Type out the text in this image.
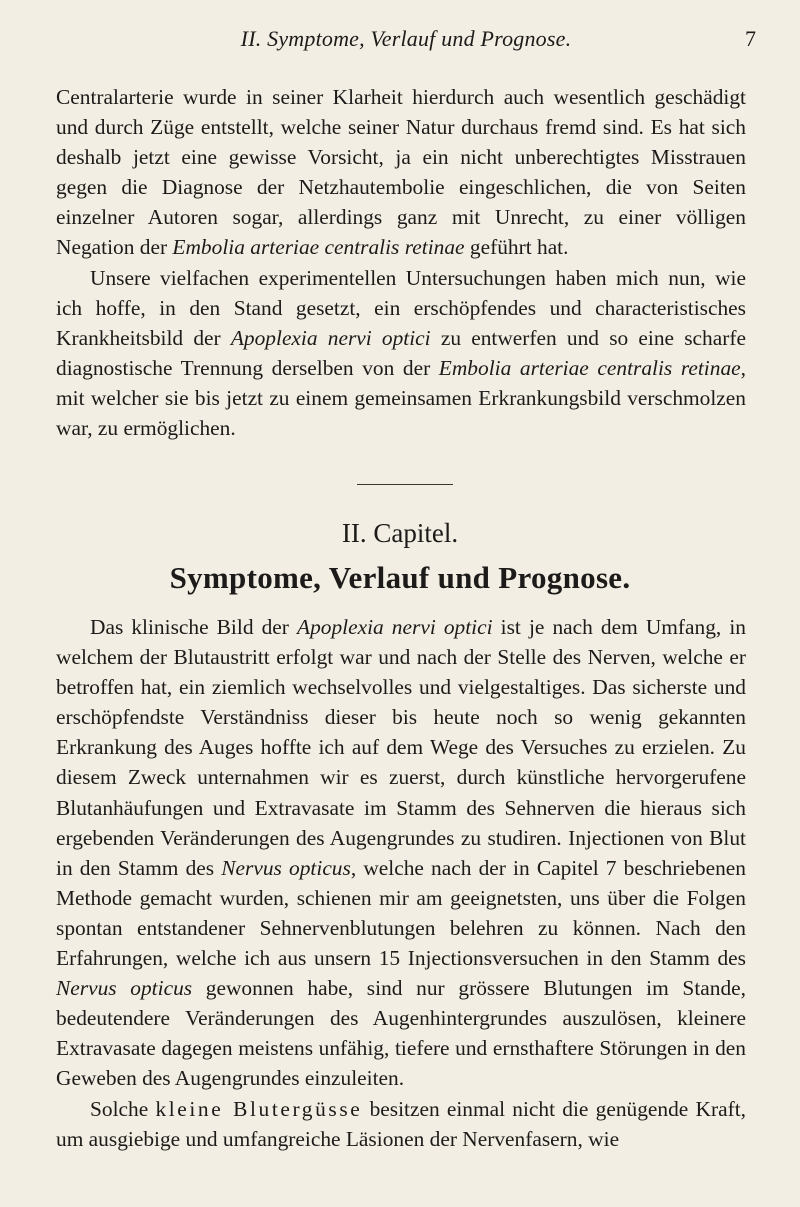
II. Symptome, Verlauf und Prognose.	7

Centralarterie wurde in seiner Klarheit hierdurch auch wesentlich geschädigt und durch Züge entstellt, welche seiner Natur durchaus fremd sind. Es hat sich deshalb jetzt eine gewisse Vorsicht, ja ein nicht unberechtigtes Misstrauen gegen die Diagnose der Netzhautembolie eingeschlichen, die von Seiten einzelner Autoren sogar, allerdings ganz mit Unrecht, zu einer völligen Negation der Embolia arteriae centralis retinae geführt hat.

Unsere vielfachen experimentellen Untersuchungen haben mich nun, wie ich hoffe, in den Stand gesetzt, ein erschöpfendes und characteristisches Krankheitsbild der Apoplexia nervi optici zu entwerfen und so eine scharfe diagnostische Trennung derselben von der Embolia arteriae centralis retinae, mit welcher sie bis jetzt zu einem gemeinsamen Erkrankungsbild verschmolzen war, zu ermöglichen.

II. Capitel.
Symptome, Verlauf und Prognose.

Das klinische Bild der Apoplexia nervi optici ist je nach dem Umfang, in welchem der Blutaustritt erfolgt war und nach der Stelle des Nerven, welche er betroffen hat, ein ziemlich wechselvolles und vielgestaltiges. Das sicherste und erschöpfendste Verständniss dieser bis heute noch so wenig gekannten Erkrankung des Auges hoffte ich auf dem Wege des Versuches zu erzielen. Zu diesem Zweck unternahmen wir es zuerst, durch künstliche hervorgerufene Blutanhäufungen und Extravasate im Stamm des Sehnerven die hieraus sich ergebenden Veränderungen des Augengrundes zu studiren. Injectionen von Blut in den Stamm des Nervus opticus, welche nach der in Capitel 7 beschriebenen Methode gemacht wurden, schienen mir am geeignetsten, uns über die Folgen spontan entstandener Sehnervenblutungen belehren zu können. Nach den Erfahrungen, welche ich aus unsern 15 Injectionsversuchen in den Stamm des Nervus opticus gewonnen habe, sind nur grössere Blutungen im Stande, bedeutendere Veränderungen des Augenhintergrundes auszulösen, kleinere Extravasate dagegen meistens unfähig, tiefere und ernsthaftere Störungen in den Geweben des Augengrundes einzuleiten.

Solche kleine Blutergüsse besitzen einmal nicht die genügende Kraft, um ausgiebige und umfangreiche Läsionen der Nervenfasern, wie
